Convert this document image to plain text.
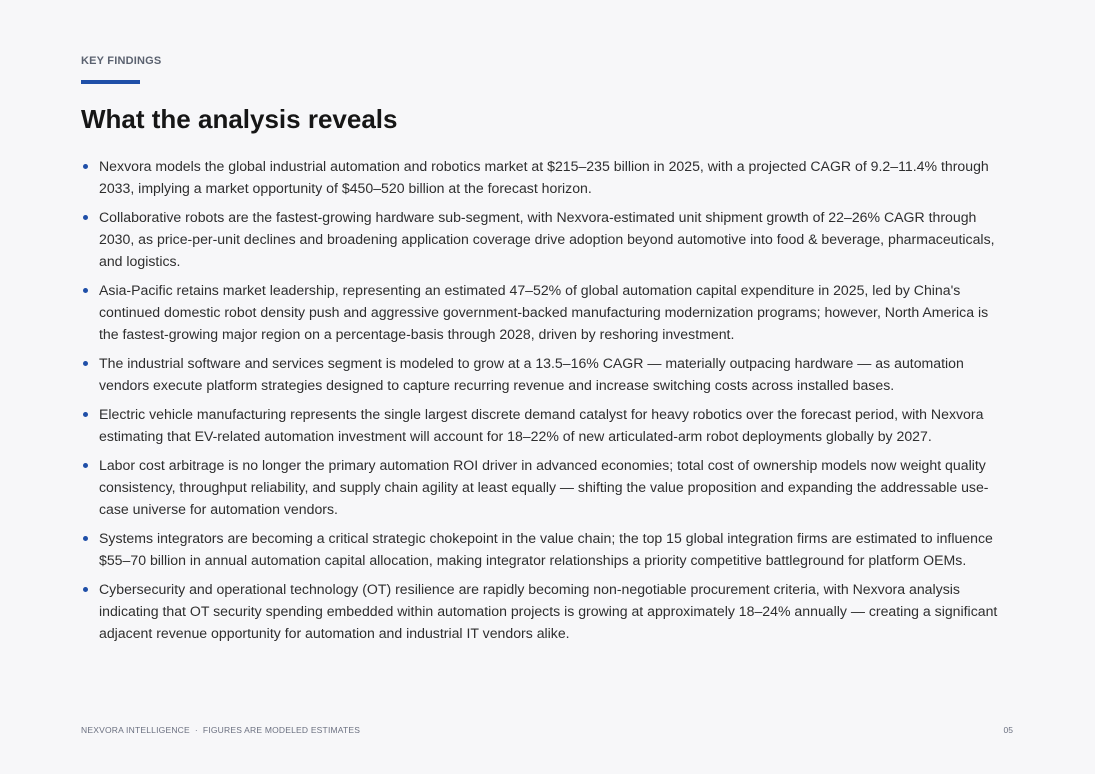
KEY FINDINGS
What the analysis reveals
Nexvora models the global industrial automation and robotics market at $215–235 billion in 2025, with a projected CAGR of 9.2–11.4% through 2033, implying a market opportunity of $450–520 billion at the forecast horizon.
Collaborative robots are the fastest-growing hardware sub-segment, with Nexvora-estimated unit shipment growth of 22–26% CAGR through 2030, as price-per-unit declines and broadening application coverage drive adoption beyond automotive into food & beverage, pharmaceuticals, and logistics.
Asia-Pacific retains market leadership, representing an estimated 47–52% of global automation capital expenditure in 2025, led by China's continued domestic robot density push and aggressive government-backed manufacturing modernization programs; however, North America is the fastest-growing major region on a percentage-basis through 2028, driven by reshoring investment.
The industrial software and services segment is modeled to grow at a 13.5–16% CAGR — materially outpacing hardware — as automation vendors execute platform strategies designed to capture recurring revenue and increase switching costs across installed bases.
Electric vehicle manufacturing represents the single largest discrete demand catalyst for heavy robotics over the forecast period, with Nexvora estimating that EV-related automation investment will account for 18–22% of new articulated-arm robot deployments globally by 2027.
Labor cost arbitrage is no longer the primary automation ROI driver in advanced economies; total cost of ownership models now weight quality consistency, throughput reliability, and supply chain agility at least equally — shifting the value proposition and expanding the addressable use-case universe for automation vendors.
Systems integrators are becoming a critical strategic chokepoint in the value chain; the top 15 global integration firms are estimated to influence $55–70 billion in annual automation capital allocation, making integrator relationships a priority competitive battleground for platform OEMs.
Cybersecurity and operational technology (OT) resilience are rapidly becoming non-negotiable procurement criteria, with Nexvora analysis indicating that OT security spending embedded within automation projects is growing at approximately 18–24% annually — creating a significant adjacent revenue opportunity for automation and industrial IT vendors alike.
NEXVORA INTELLIGENCE · FIGURES ARE MODELED ESTIMATES	05
